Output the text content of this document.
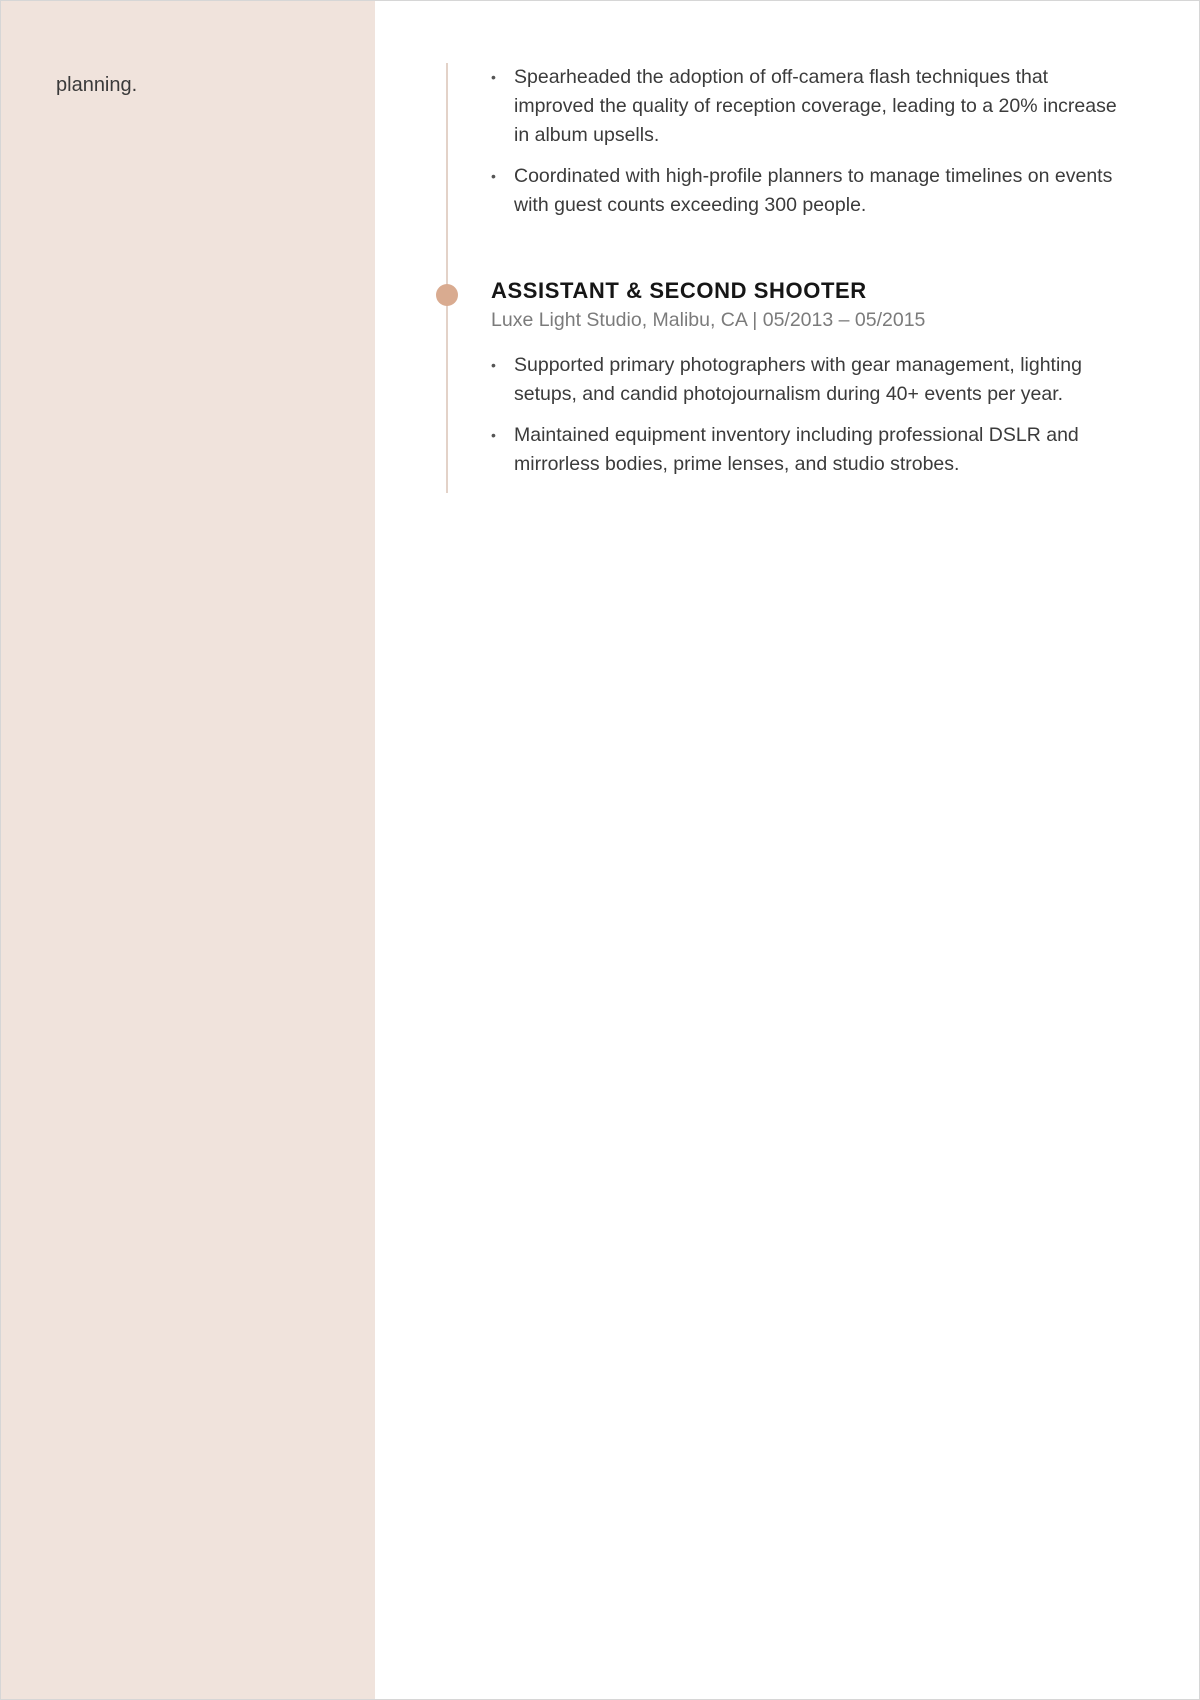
planning.	• Spearheaded the adoption of off-camera flash techniques that improved the quality of reception coverage, leading to a 20% increase in album upsells.
• Coordinated with high-profile planners to manage timelines on events with guest counts exceeding 300 people.
ASSISTANT & SECOND SHOOTER
Luxe Light Studio, Malibu, CA | 05/2013 – 05/2015
• Supported primary photographers with gear management, lighting setups, and candid photojournalism during 40+ events per year.
• Maintained equipment inventory including professional DSLR and mirrorless bodies, prime lenses, and studio strobes.
